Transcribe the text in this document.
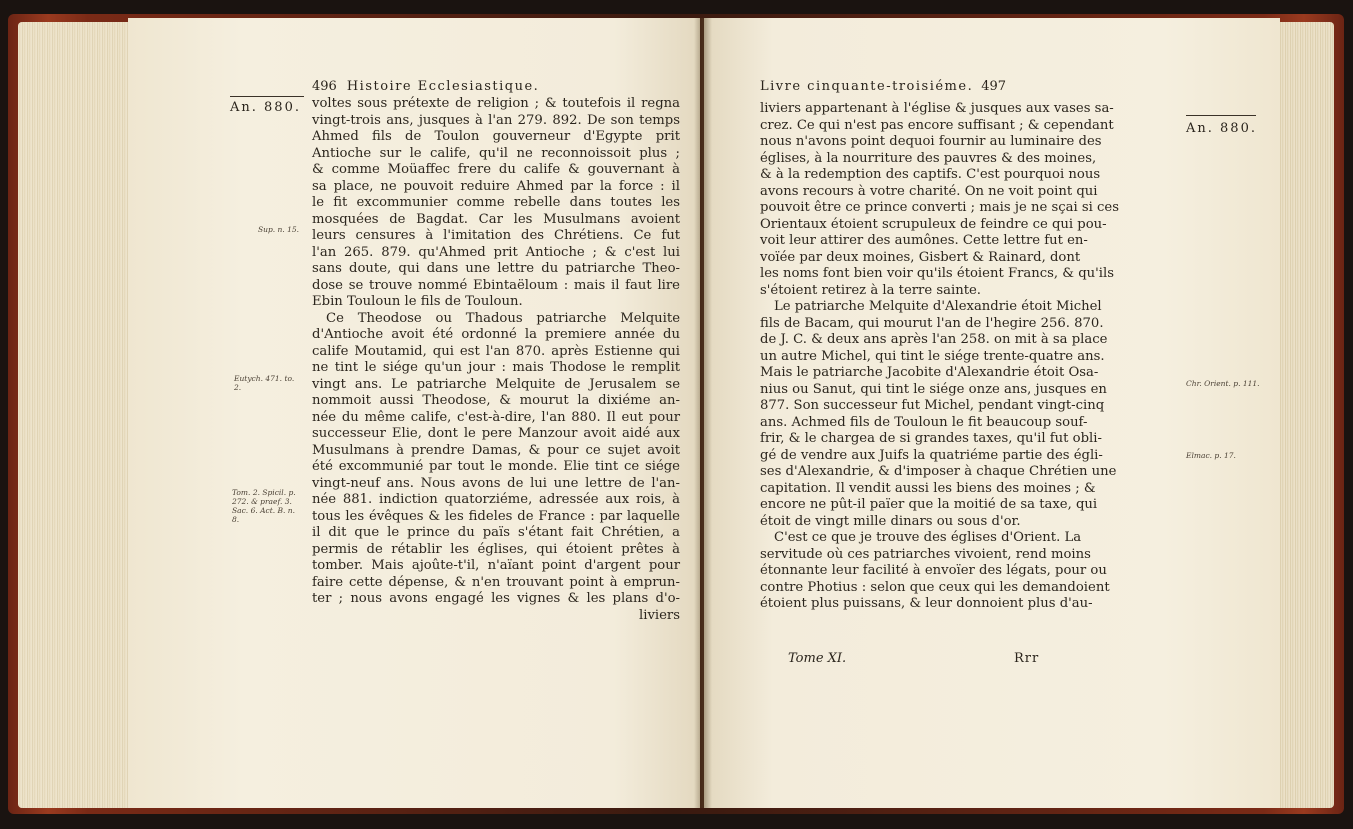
496 Histoire Ecclesiastique.
An. 880.
Sup. n. 15.
Eutych. 471. to. 2.
Tom. 2. Spicil. p. 272. & praef. 3. Sac. 6. Act. B. n. 8.
voltes sous prétexte de religion ; & toutefois il regna
vingt-trois ans, jusques à l'an 279. 892. De son temps
Ahmed fils de Toulon gouverneur d'Egypte prit
Antioche sur le calife, qu'il ne reconnoissoit plus ;
& comme Moüaffec frere du calife & gouvernant à
sa place, ne pouvoit reduire Ahmed par la force : il
le fit excommunier comme rebelle dans toutes les
mosquées de Bagdat. Car les Musulmans avoient
leurs censures à l'imitation des Chrétiens. Ce fut
l'an 265. 879. qu'Ahmed prit Antioche ; & c'est lui
sans doute, qui dans une lettre du patriarche Theo-
dose se trouve nommé Ebintaëloum : mais il faut lire
Ebin Touloun le fils de Touloun.
Ce Theodose ou Thadous patriarche Melquite
d'Antioche avoit été ordonné la premiere année du
calife Moutamid, qui est l'an 870. après Estienne qui
ne tint le siége qu'un jour : mais Thodose le remplit
vingt ans. Le patriarche Melquite de Jerusalem se
nommoit aussi Theodose, & mourut la dixiéme an-
née du même calife, c'est-à-dire, l'an 880. Il eut pour
successeur Elie, dont le pere Manzour avoit aidé aux
Musulmans à prendre Damas, & pour ce sujet avoit
été excommunié par tout le monde. Elie tint ce siége
vingt-neuf ans. Nous avons de lui une lettre de l'an-
née 881. indiction quatorziéme, adressée aux rois, à
tous les évêques & les fideles de France : par laquelle
il dit que le prince du païs s'étant fait Chrétien, a
permis de rétablir les églises, qui étoient prêtes à
tomber. Mais ajoûte-t'il, n'aïant point d'argent pour
faire cette dépense, & n'en trouvant point à emprun-
ter ; nous avons engagé les vignes & les plans d'o-
liviers
Livre cinquante-troisiéme. 497
An. 880.
Chr. Orient. p. 111.
Elmac. p. 17.
liviers appartenant à l'église & jusques aux vases sa-
crez. Ce qui n'est pas encore suffisant ; & cependant
nous n'avons point dequoi fournir au luminaire des
églises, à la nourriture des pauvres & des moines,
& à la redemption des captifs. C'est pourquoi nous
avons recours à votre charité. On ne voit point qui
pouvoit être ce prince converti ; mais je ne sçai si ces
Orientaux étoient scrupuleux de feindre ce qui pou-
voit leur attirer des aumônes. Cette lettre fut en-
voïée par deux moines, Gisbert & Rainard, dont
les noms font bien voir qu'ils étoient Francs, & qu'ils
s'étoient retirez à la terre sainte.
Le patriarche Melquite d'Alexandrie étoit Michel
fils de Bacam, qui mourut l'an de l'hegire 256. 870.
de J. C. & deux ans après l'an 258. on mit à sa place
un autre Michel, qui tint le siége trente-quatre ans.
Mais le patriarche Jacobite d'Alexandrie étoit Osa-
nius ou Sanut, qui tint le siége onze ans, jusques en
877. Son successeur fut Michel, pendant vingt-cinq
ans. Achmed fils de Touloun le fit beaucoup souf-
frir, & le chargea de si grandes taxes, qu'il fut obli-
gé de vendre aux Juifs la quatriéme partie des égli-
ses d'Alexandrie, & d'imposer à chaque Chrétien une
capitation. Il vendit aussi les biens des moines ; &
encore ne pût-il païer que la moitié de sa taxe, qui
étoit de vingt mille dinars ou sous d'or.
C'est ce que je trouve des églises d'Orient. La
servitude où ces patriarches vivoient, rend moins
étonnante leur facilité à envoïer des légats, pour ou
contre Photius : selon que ceux qui les demandoient
étoient plus puissans, & leur donnoient plus d'au-
Tome XI.	Rrr
